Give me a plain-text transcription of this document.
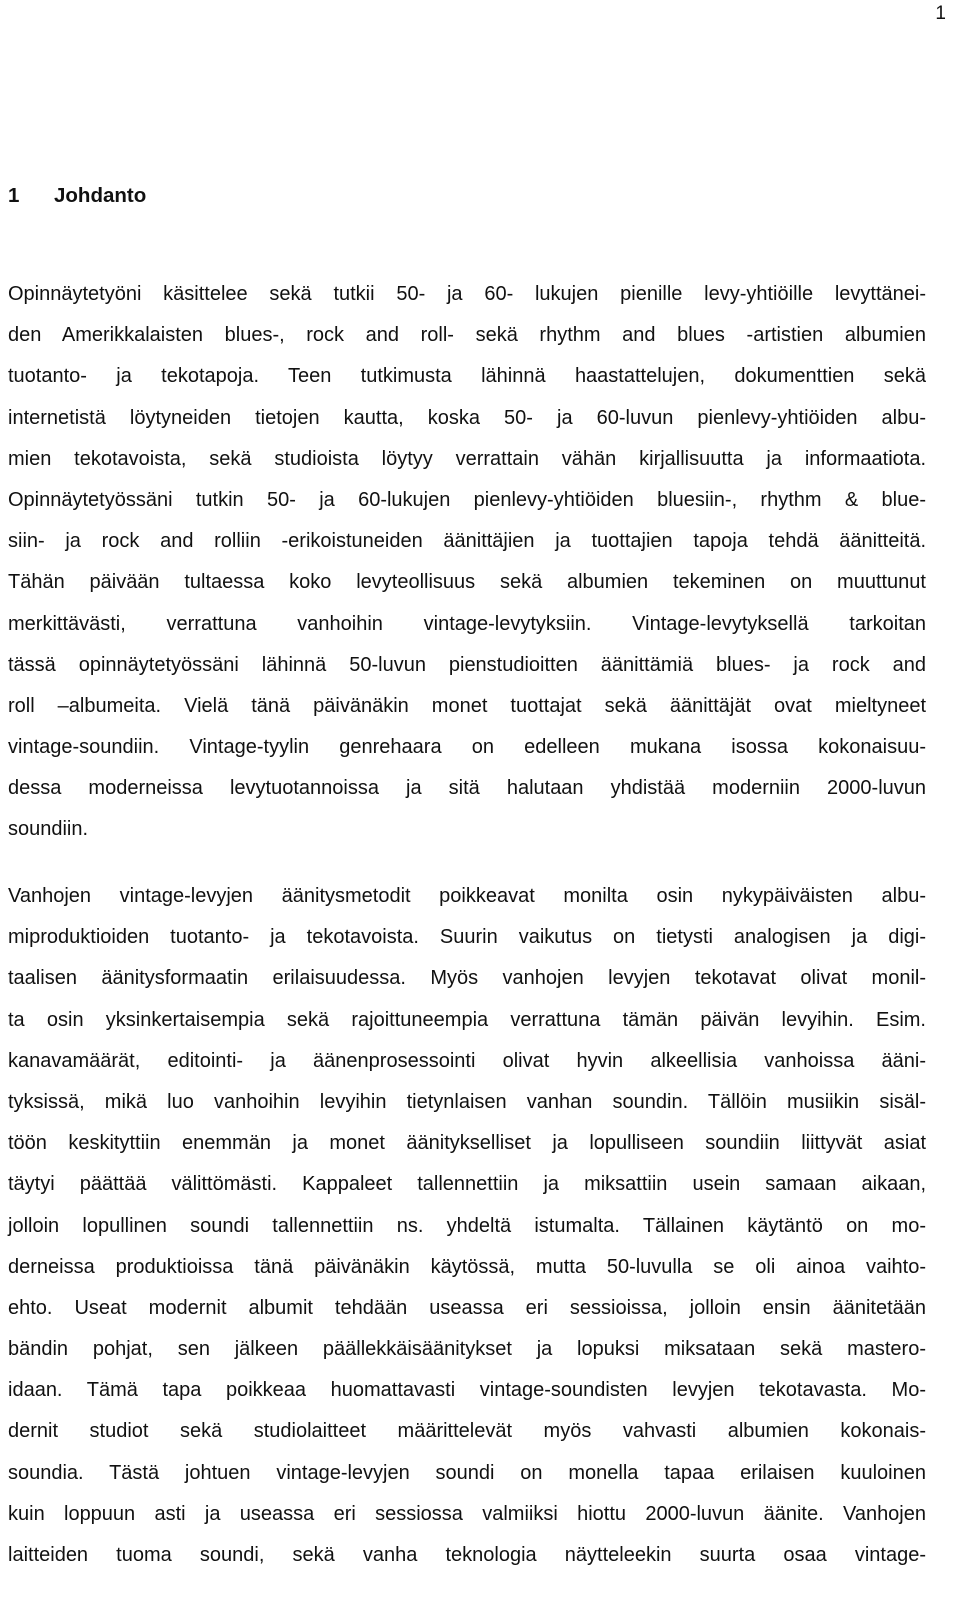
1
1 Johdanto
Opinnäytetyöni käsittelee sekä tutkii 50- ja 60- lukujen pienille levy-yhtiöille levyttänei-
den Amerikkalaisten blues-, rock and roll- sekä rhythm and blues -artistien albumien
tuotanto- ja tekotapoja. Teen tutkimusta lähinnä haastattelujen, dokumenttien sekä
internetistä löytyneiden tietojen kautta, koska 50- ja 60-luvun pienlevy-yhtiöiden albu-
mien tekotavoista, sekä studioista löytyy verrattain vähän kirjallisuutta ja informaatiota.
Opinnäytetyössäni tutkin 50- ja 60-lukujen pienlevy-yhtiöiden bluesiin-, rhythm & blue-
siin- ja rock and rolliin -erikoistuneiden äänittäjien ja tuottajien tapoja tehdä äänitteitä.
Tähän päivään tultaessa koko levyteollisuus sekä albumien tekeminen on muuttunut
merkittävästi, verrattuna vanhoihin vintage-levytyksiin. Vintage-levytyksellä tarkoitan
tässä opinnäytetyössäni lähinnä 50-luvun pienstudioitten äänittämiä blues- ja rock and
roll –albumeita. Vielä tänä päivänäkin monet tuottajat sekä äänittäjät ovat mieltyneet
vintage-soundiin. Vintage-tyylin genrehaara on edelleen mukana isossa kokonaisuu-
dessa moderneissa levytuotannoissa ja sitä halutaan yhdistää moderniin 2000-luvun
soundiin.
Vanhojen vintage-levyjen äänitysmetodit poikkeavat monilta osin nykypäiväisten albu-
miproduktioiden tuotanto- ja tekotavoista. Suurin vaikutus on tietysti analogisen ja digi-
taalisen äänitysformaatin erilaisuudessa. Myös vanhojen levyjen tekotavat olivat monil-
ta osin yksinkertaisempia sekä rajoittuneempia verrattuna tämän päivän levyihin. Esim.
kanavamäärät, editointi- ja äänenprosessointi olivat hyvin alkeellisia vanhoissa ääni-
tyksissä, mikä luo vanhoihin levyihin tietynlaisen vanhan soundin. Tällöin musiikin sisäl-
töön keskityttiin enemmän ja monet äänitykselliset ja lopulliseen soundiin liittyvät asiat
täytyi päättää välittömästi. Kappaleet tallennettiin ja miksattiin usein samaan aikaan,
jolloin lopullinen soundi tallennettiin ns. yhdeltä istumalta. Tällainen käytäntö on mo-
derneissa produktioissa tänä päivänäkin käytössä, mutta 50-luvulla se oli ainoa vaihto-
ehto. Useat modernit albumit tehdään useassa eri sessioissa, jolloin ensin äänitetään
bändin pohjat, sen jälkeen päällekkäisäänitykset ja lopuksi miksataan sekä mastero-
idaan. Tämä tapa poikkeaa huomattavasti vintage-soundisten levyjen tekotavasta. Mo-
dernit studiot sekä studiolaitteet määrittelevät myös vahvasti albumien kokonais-
soundia. Tästä johtuen vintage-levyjen soundi on monella tapaa erilaisen kuuloinen
kuin loppuun asti ja useassa eri sessiossa valmiiksi hiottu 2000-luvun äänite. Vanhojen
laitteiden tuoma soundi, sekä vanha teknologia näytteleekin suurta osaa vintage-
